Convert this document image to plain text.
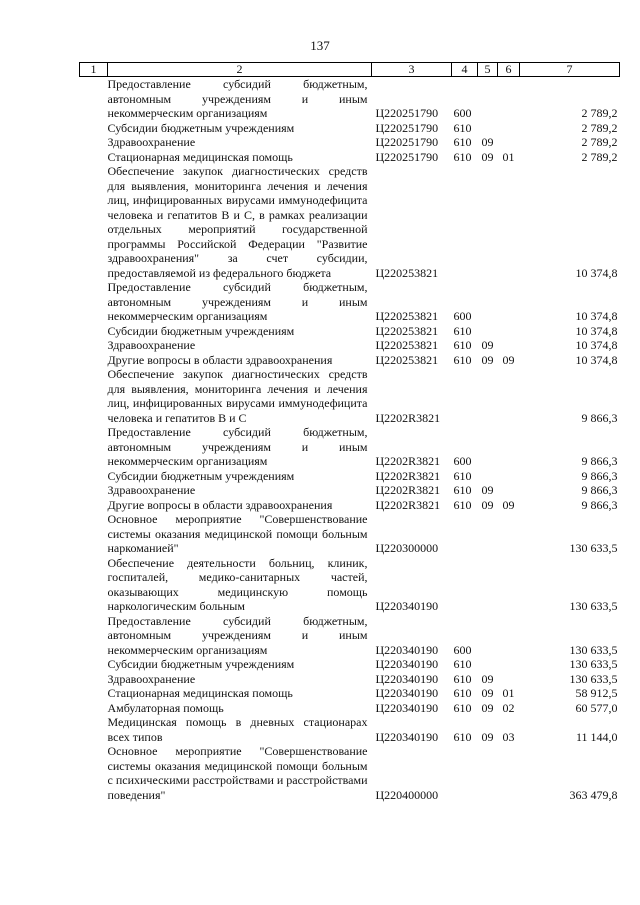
137
1	2	3	4	5	6	7
	Предоставление субсидий бюджетным, автономным учреждениям и иным некоммерческим организациям	Ц220251790	600			2 789,2
	Субсидии бюджетным учреждениям	Ц220251790	610			2 789,2
	Здравоохранение	Ц220251790	610	09		2 789,2
	Стационарная медицинская помощь	Ц220251790	610	09	01	2 789,2
	Обеспечение закупок диагностических средств для выявления, мониторинга лечения и лечения лиц, инфицированных вирусами иммунодефицита человека и гепатитов В и С, в рамках реализации отдельных мероприятий государственной программы Российской Федерации "Развитие здравоохранения" за счет субсидии, предоставляемой из федерального бюджета	Ц220253821				10 374,8
	Предоставление субсидий бюджетным, автономным учреждениям и иным некоммерческим организациям	Ц220253821	600			10 374,8
	Субсидии бюджетным учреждениям	Ц220253821	610			10 374,8
	Здравоохранение	Ц220253821	610	09		10 374,8
	Другие вопросы в области здравоохранения	Ц220253821	610	09	09	10 374,8
	Обеспечение закупок диагностических средств для выявления, мониторинга лечения и лечения лиц, инфицированных вирусами иммунодефицита человека и гепатитов В и С	Ц2202R3821				9 866,3
	Предоставление субсидий бюджетным, автономным учреждениям и иным некоммерческим организациям	Ц2202R3821	600			9 866,3
	Субсидии бюджетным учреждениям	Ц2202R3821	610			9 866,3
	Здравоохранение	Ц2202R3821	610	09		9 866,3
	Другие вопросы в области здравоохранения	Ц2202R3821	610	09	09	9 866,3
	Основное мероприятие "Совершенствование системы оказания медицинской помощи больным наркоманией"	Ц220300000				130 633,5
	Обеспечение деятельности больниц, клиник, госпиталей, медико-санитарных частей, оказывающих медицинскую помощь наркологическим больным	Ц220340190				130 633,5
	Предоставление субсидий бюджетным, автономным учреждениям и иным некоммерческим организациям	Ц220340190	600			130 633,5
	Субсидии бюджетным учреждениям	Ц220340190	610			130 633,5
	Здравоохранение	Ц220340190	610	09		130 633,5
	Стационарная медицинская помощь	Ц220340190	610	09	01	58 912,5
	Амбулаторная помощь	Ц220340190	610	09	02	60 577,0
	Медицинская помощь в дневных стационарах всех типов	Ц220340190	610	09	03	11 144,0
	Основное мероприятие "Совершенствование системы оказания медицинской помощи больным с психическими расстройствами и расстройствами поведения"	Ц220400000				363 479,8
